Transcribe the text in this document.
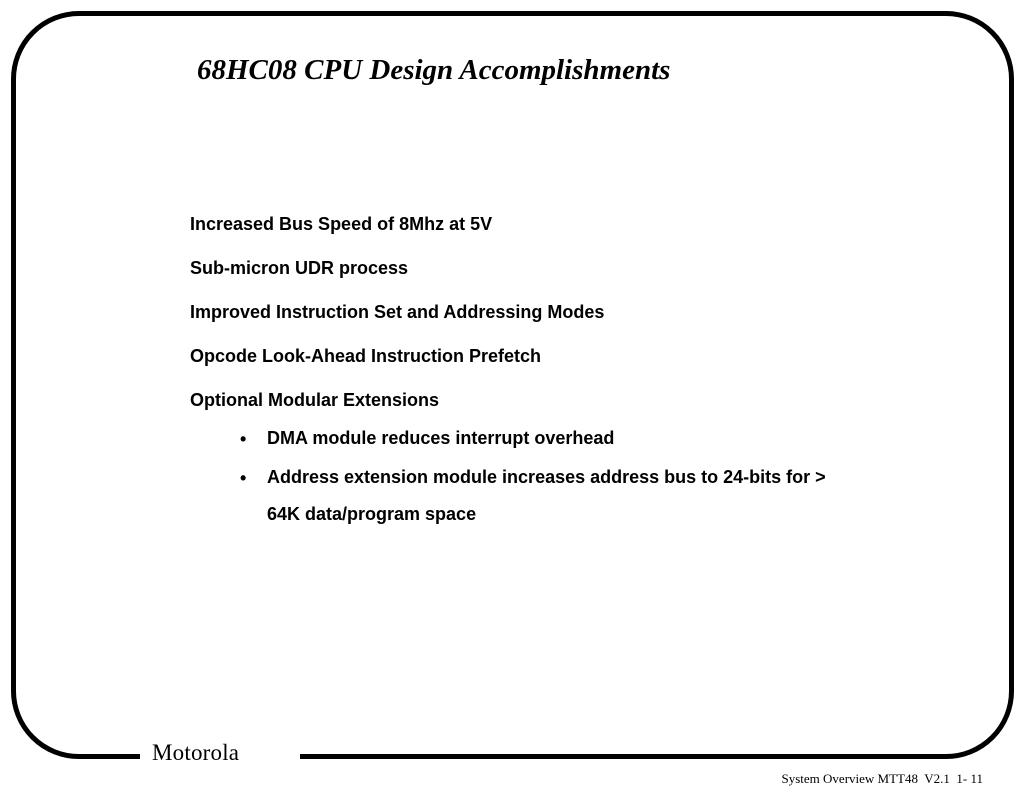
Motorola
68HC08 CPU Design Accomplishments
Increased Bus Speed of 8Mhz at 5V
Sub-micron UDR process
Improved Instruction Set and Addressing Modes
Opcode Look-Ahead Instruction Prefetch
Optional Modular Extensions
• DMA module reduces interrupt overhead
• Address extension module increases address bus to 24-bits for > 64K data/program space
System Overview MTT48  V2.1  1- 11
